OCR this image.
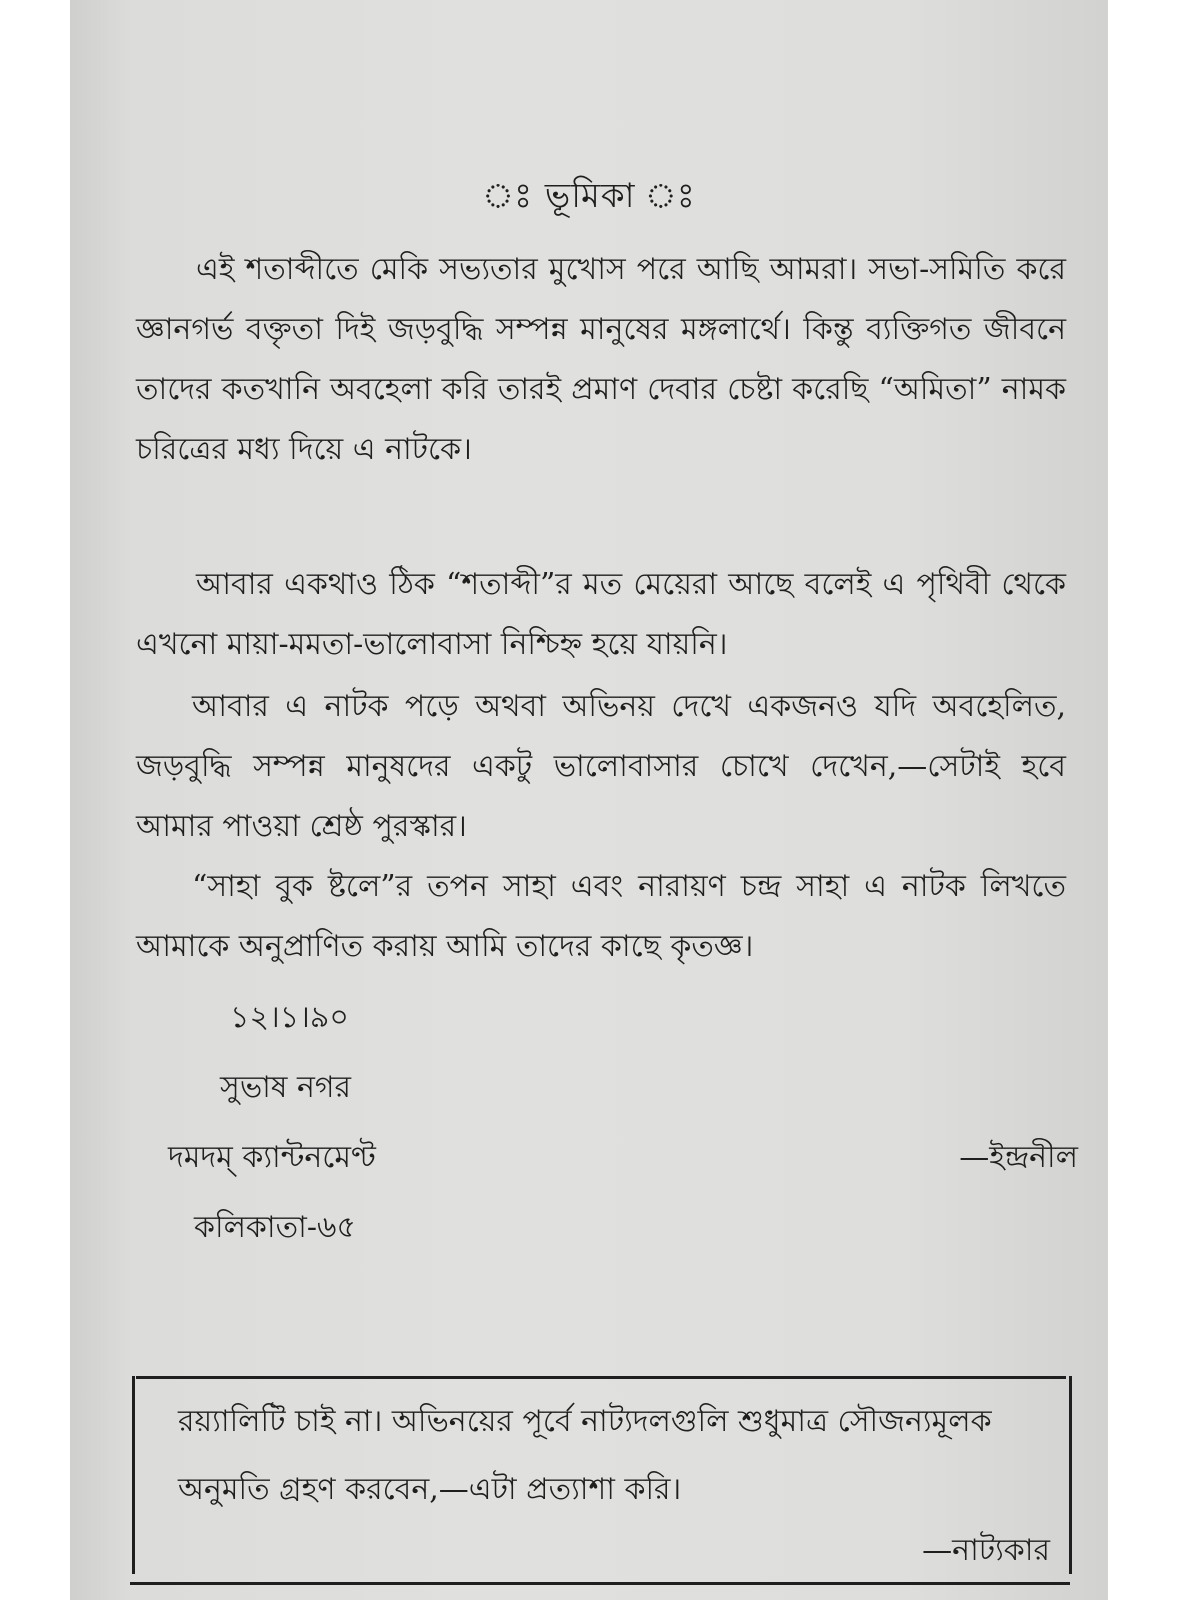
ঃ ভূমিকা ঃ

এই শতাব্দীতে মেকি সভ্যতার মুখোস পরে আছি আমরা। সভা-সমিতি করে জ্ঞানগর্ভ বক্তৃতা দিই জড়বুদ্ধি সম্পন্ন মানুষের মঙ্গলার্থে। কিন্তু ব্যক্তিগত জীবনে তাদের কতখানি অবহেলা করি তারই প্রমাণ দেবার চেষ্টা করেছি “অমিতা” নামক চরিত্রের মধ্য দিয়ে এ নাটকে।

আবার একথাও ঠিক “শতাব্দী”র মত মেয়েরা আছে বলেই এ পৃথিবী থেকে এখনো মায়া-মমতা-ভালোবাসা নিশ্চিহ্ন হয়ে যায়নি।

আবার এ নাটক পড়ে অথবা অভিনয় দেখে একজনও যদি অবহেলিত, জড়বুদ্ধি সম্পন্ন মানুষদের একটু ভালোবাসার চোখে দেখেন,—সেটাই হবে আমার পাওয়া শ্রেষ্ঠ পুরস্কার।

“সাহা বুক ষ্টলে”র তপন সাহা এবং নারায়ণ চন্দ্র সাহা এ নাটক লিখতে আমাকে অনুপ্রাণিত করায় আমি তাদের কাছে কৃতজ্ঞ।

১২।১।৯০
সুভাষ নগর
দমদম্ ক্যান্টনমেণ্ট
কলিকাতা-৬৫
—ইন্দ্রনীল

রয়্যালিটি চাই না। অভিনয়ের পূর্বে নাট্যদলগুলি শুধুমাত্র সৌজন্যমূলক অনুমতি গ্রহণ করবেন,—এটা প্রত্যাশা করি।

—নাট্যকার
